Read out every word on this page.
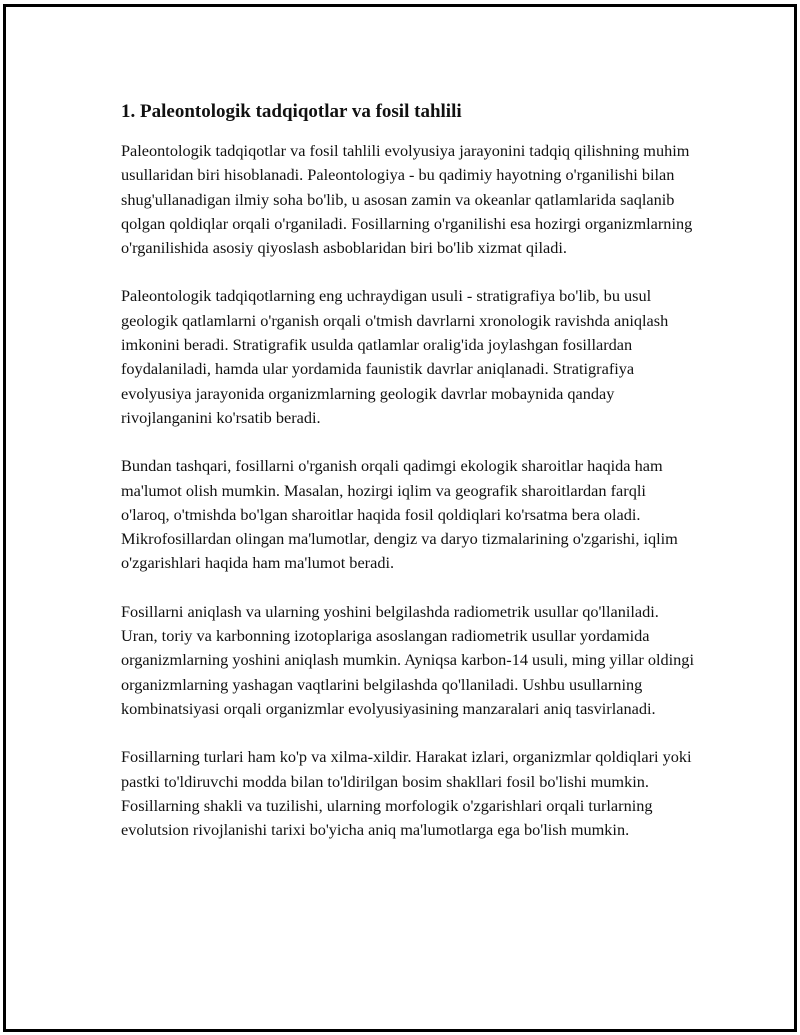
1. Paleontologik tadqiqotlar va fosil tahlili

Paleontologik tadqiqotlar va fosil tahlili evolyusiya jarayonini tadqiq qilishning muhim usullaridan biri hisoblanadi. Paleontologiya - bu qadimiy hayotning o'rganilishi bilan shug'ullanadigan ilmiy soha bo'lib, u asosan zamin va okeanlar qatlamlarida saqlanib qolgan qoldiqlar orqali o'rganiladi. Fosillarning o'rganilishi esa hozirgi organizmlarning o'rganilishida asosiy qiyoslash asboblaridan biri bo'lib xizmat qiladi.

Paleontologik tadqiqotlarning eng uchraydigan usuli - stratigrafiya bo'lib, bu usul geologik qatlamlarni o'rganish orqali o'tmish davrlarni xronologik ravishda aniqlash imkonini beradi. Stratigrafik usulda qatlamlar oralig'ida joylashgan fosillardan foydalaniladi, hamda ular yordamida faunistik davrlar aniqlanadi. Stratigrafiya evolyusiya jarayonida organizmlarning geologik davrlar mobaynida qanday rivojlanganini ko'rsatib beradi.

Bundan tashqari, fosillarni o'rganish orqali qadimgi ekologik sharoitlar haqida ham ma'lumot olish mumkin. Masalan, hozirgi iqlim va geografik sharoitlardan farqli o'laroq, o'tmishda bo'lgan sharoitlar haqida fosil qoldiqlari ko'rsatma bera oladi. Mikrofosillardan olingan ma'lumotlar, dengiz va daryo tizmalarining o'zgarishi, iqlim o'zgarishlari haqida ham ma'lumot beradi.

Fosillarni aniqlash va ularning yoshini belgilashda radiometrik usullar qo'llaniladi. Uran, toriy va karbonning izotoplariga asoslangan radiometrik usullar yordamida organizmlarning yoshini aniqlash mumkin. Ayniqsa karbon-14 usuli, ming yillar oldingi organizmlarning yashagan vaqtlarini belgilashda qo'llaniladi. Ushbu usullarning kombinatsiyasi orqali organizmlar evolyusiyasining manzaralari aniq tasvirlanadi.

Fosillarning turlari ham ko'p va xilma-xildir. Harakat izlari, organizmlar qoldiqlari yoki pastki to'ldiruvchi modda bilan to'ldirilgan bosim shakllari fosil bo'lishi mumkin. Fosillarning shakli va tuzilishi, ularning morfologik o'zgarishlari orqali turlarning evolutsion rivojlanishi tarixi bo'yicha aniq ma'lumotlarga ega bo'lish mumkin.
